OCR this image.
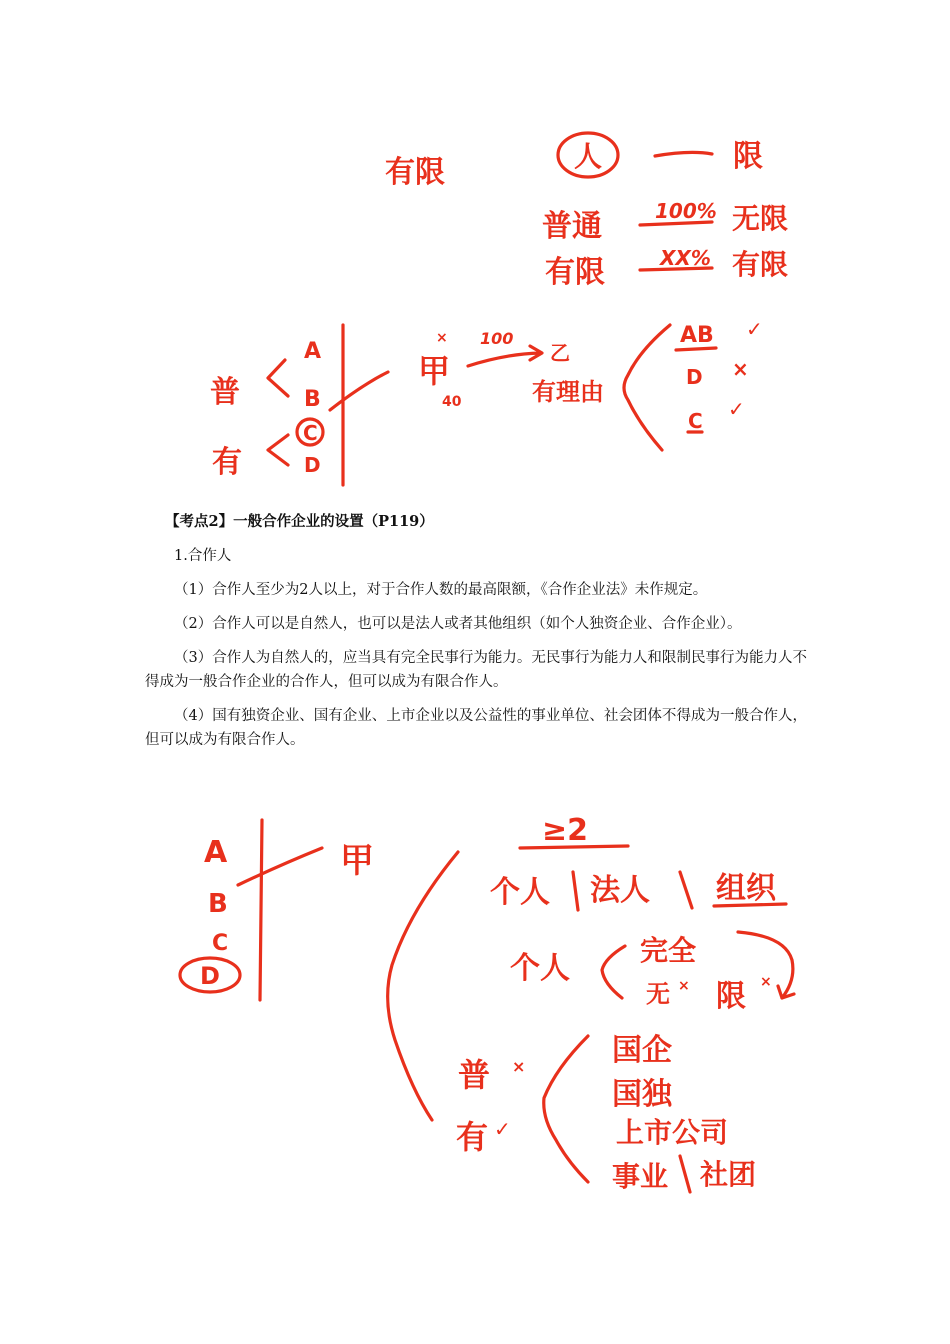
有限	人	限
普通	100% 无限
有限	XX% 有限
普
A
B
C
D
有
×
甲
40
100
乙
有理由
AB ✓
D ×
C ✓
【考点2】一般合作企业的设置（P119）

1.合作人

（1）合作人至少为2人以上，对于合作人数的最高限额，《合作企业法》未作规定。

（2）合作人可以是自然人，也可以是法人或者其他组织（如个人独资企业、合作企业）。

（3）合作人为自然人的，应当具有完全民事行为能力。无民事行为能力人和限制民事行为能力人不得成为一般合作企业的合作人，但可以成为有限合作人。

（4）国有独资企业、国有企业、上市企业以及公益性的事业单位、社会团体不得成为一般合作人，但可以成为有限合作人。

A
B
C
D
甲
≥2
个人 法人 组织
个人
完全
无 × 限 ×
普 ×
有 ✓
国企
国独
上市公司
事业 社团
